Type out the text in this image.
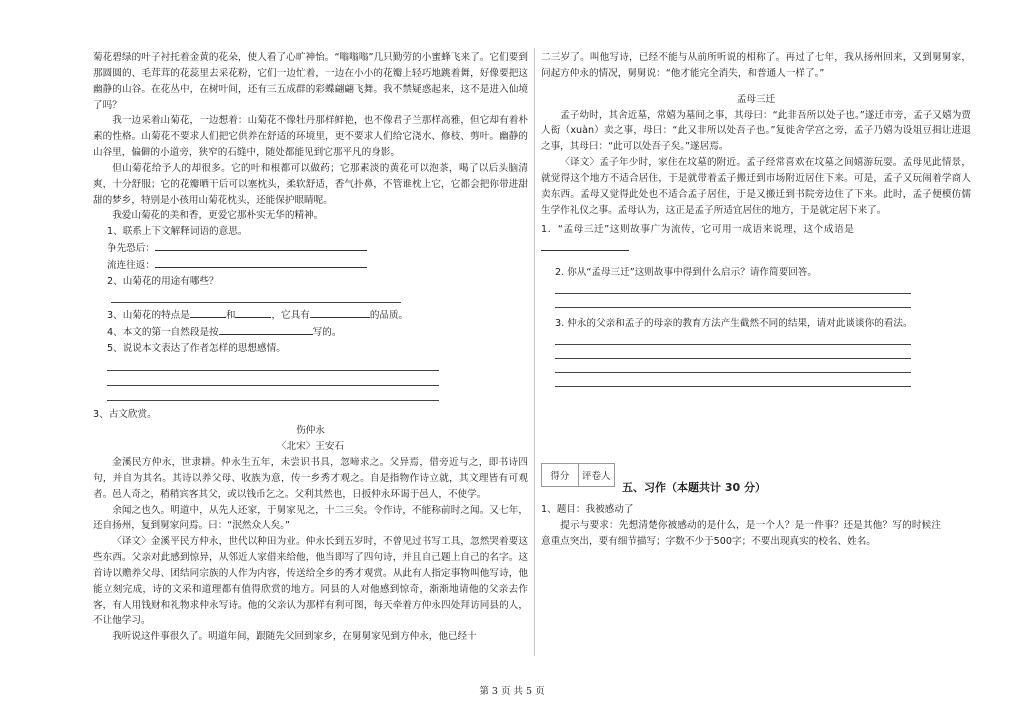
菊花碧绿的叶子衬托着金黄的花朵，使人看了心旷神怡。“嗡嗡嗡”几只勤劳的小蜜蜂飞来了。它们要到那圆圆的、毛茸茸的花蕊里去采花粉，它们一边忙着，一边在小小的花瓣上轻巧地跳着舞，好像要把这幽静的山谷。在花丛中，在树叶间，还有三五成群的彩蝶翩翩飞舞。我不禁疑惑起来，这不是进入仙境了吗？

我一边采着山菊花，一边想着：山菊花不像牡丹那样鲜艳，也不像君子兰那样高雅，但它却有着朴素的性格。山菊花不要求人们把它供养在舒适的环境里，更不要求人们给它浇水、修枝、剪叶。幽静的山谷里，偏僻的小道旁，狭窄的石缝中，随处都能见到它那平凡的身影。

但山菊花给予人的却很多。它的叶和根都可以做药；它那素淡的黄花可以泡茶，喝了以后头脑清爽，十分舒服；它的花瓣晒干后可以塞枕头，柔软舒适，香气扑鼻，不管谁枕上它，它都会把你带进甜甜的梦乡，特别是小孩用山菊花枕头，还能保护眼睛呢。

我爱山菊花的美和香，更爱它那朴实无华的精神。

1、联系上下文解释词语的意思。

争先恐后：

流连往返：

2、山菊花的用途有哪些？

3、山菊花的特点是	和	，它具有	的品质。

4、本文的第一自然段是按	写的。

5、说说本文表达了作者怎样的思想感情。

3、古文欣赏。

伤仲永

〈北宋〉王安石

金溪民方仲永，世隶耕。仲永生五年，未尝识书具，忽啼求之。父异焉，借旁近与之，即书诗四句，并自为其名。其诗以养父母、收族为意，传一乡秀才观之。自是指物作诗立就，其文理皆有可观者。邑人奇之，稍稍宾客其父，或以钱币乞之。父利其然也，日扳仲永环谒于邑人，不使学。

余闻之也久。明道中，从先人还家，于舅家见之，十二三矣。令作诗，不能称前时之闻。又七年，还自扬州，复到舅家问焉。曰：“泯然众人矣。”

〈译文〉金溪平民方仲永，世代以种田为业。仲永长到五岁时，不曾见过书写工具，忽然哭着要这些东西。父亲对此感到惊异，从邻近人家借来给他，他当即写了四句诗，并且自己题上自己的名字。这首诗以赡养父母、团结同宗族的人作为内容，传送给全乡的秀才观赏。从此有人指定事物叫他写诗，他能立刻完成，诗的文采和道理都有值得欣赏的地方。同县的人对他感到惊奇，渐渐地请他的父亲去作客，有人用钱财和礼物求仲永写诗。他的父亲认为那样有利可图，每天牵着方仲永四处拜访同县的人，不让他学习。

我听说这件事很久了。明道年间，跟随先父回到家乡，在舅舅家见到方仲永，他已经十

二三岁了。叫他写诗，已经不能与从前所听说的相称了。再过了七年，我从扬州回来，又到舅舅家，问起方仲永的情况，舅舅说：“他才能完全消失，和普通人一样了。”

孟母三迁

孟子幼时，其舍近墓，常嬉为墓间之事，其母曰：“此非吾所以处子也。”遂迁市旁，孟子又嬉为贾人衒（xuàn）卖之事，母曰：“此又非所以处吾子也。”复徙舍学宫之旁，孟子乃嬉为设俎豆揖让进退之事，其母曰：“此可以处吾子矣。”遂居焉。

〈译文〉孟子年少时，家住在坟墓的附近。孟子经常喜欢在坟墓之间嬉游玩耍。孟母见此情景，就觉得这个地方不适合居住，于是就带着孟子搬迁到市场附近居住下来。可是，孟子又玩闹着学商人卖东西。孟母又觉得此处也不适合孟子居住，于是又搬迁到书院旁边住了下来。此时，孟子便模仿儒生学作礼仪之事。孟母认为，这正是孟子所适宜居住的地方，于是就定居下来了。

1．“孟母三迁”这则故事广为流传，它可用一成语来说理，这个成语是

2. 你从“孟母三迁”这则故事中得到什么启示？请作简要回答。

3. 仲永的父亲和孟子的母亲的教育方法产生截然不同的结果，请对此谈谈你的看法。

得分	评卷人
五、习作（本题共计 30 分）

1、题目：我被感动了

提示与要求：先想清楚你被感动的是什么，是一个人？是一件事？还是其他？写的时候注意重点突出，要有细节描写；字数不少于500字；不要出现真实的校名、姓名。

第 3 页 共 5 页
